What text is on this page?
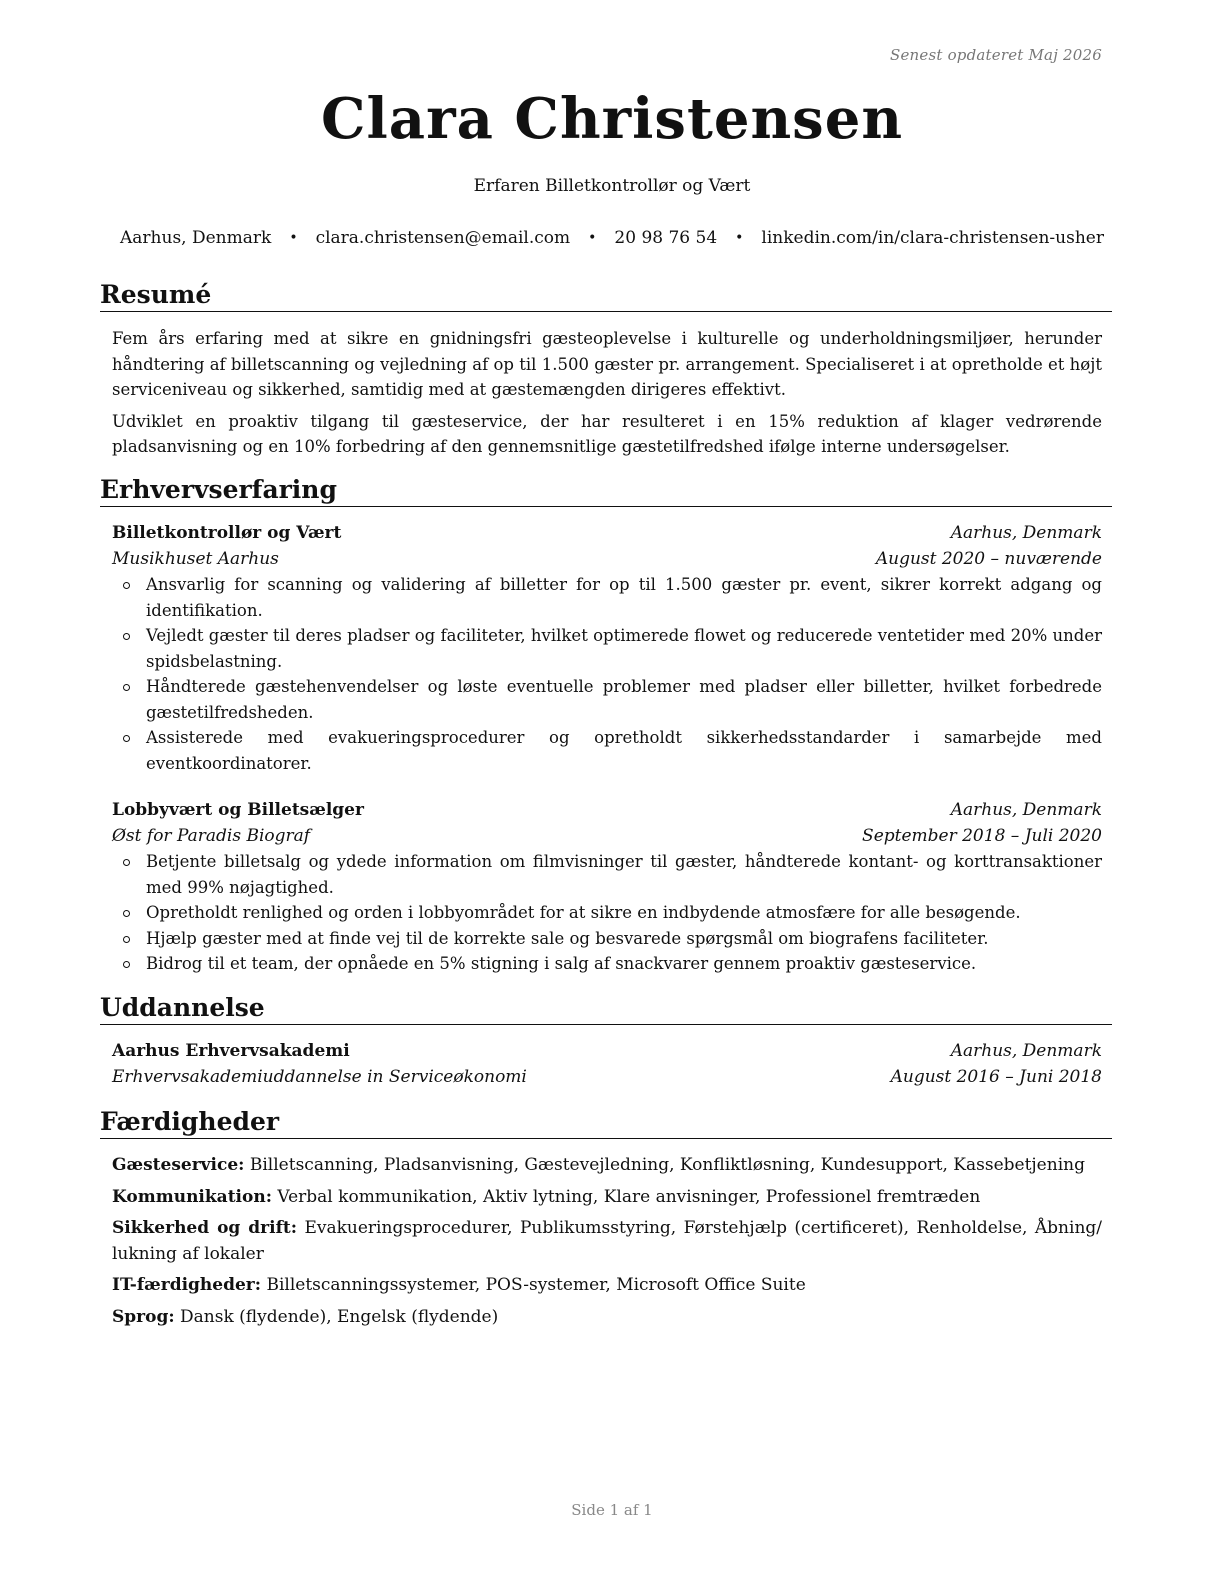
Senest opdateret Maj 2026
Clara Christensen
Erfaren Billetkontrollør og Vært
Aarhus, Denmark • clara.christensen@email.com • 20 98 76 54 • linkedin.com/in/clara-christensen-usher
Resumé

Fem års erfaring med at sikre en gnidningsfri gæsteoplevelse i kulturelle og underholdningsmiljøer, herunder håndtering af billetscanning og vejledning af op til 1.500 gæster pr. arrangement. Specialiseret i at opretholde et højt serviceniveau og sikkerhed, samtidig med at gæstemængden dirigeres effektivt.

Udviklet en proaktiv tilgang til gæsteservice, der har resulteret i en 15% reduktion af klager vedrørende pladsanvisning og en 10% forbedring af den gennemsnitlige gæstetilfredshed ifølge interne undersøgelser.

Erhvervserfaring
Billetkontrollør og Vært	Aarhus, Denmark
Musikhuset Aarhus	August 2020 – nuværende
Ansvarlig for scanning og validering af billetter for op til 1.500 gæster pr. event, sikrer korrekt adgang og identifikation.
Vejledt gæster til deres pladser og faciliteter, hvilket optimerede flowet og reducerede ventetider med 20% under spidsbelastning.
Håndterede gæstehenvendelser og løste eventuelle problemer med pladser eller billetter, hvilket forbedrede gæstetilfredsheden.
Assisterede med evakueringsprocedurer og opretholdt sikkerhedsstandarder i samarbejde med eventkoordinatorer.
Lobbyvært og Billetsælger	Aarhus, Denmark
Øst for Paradis Biograf	September 2018 – Juli 2020
Betjente billetsalg og ydede information om filmvisninger til gæster, håndterede kontant- og korttransaktioner med 99% nøjagtighed.
Opretholdt renlighed og orden i lobbyområdet for at sikre en indbydende atmosfære for alle besøgende.
Hjælp gæster med at finde vej til de korrekte sale og besvarede spørgsmål om biografens faciliteter.
Bidrog til et team, der opnåede en 5% stigning i salg af snackvarer gennem proaktiv gæsteservice.
Uddannelse
Aarhus Erhvervsakademi	Aarhus, Denmark
Erhvervsakademiuddannelse in Serviceøkonomi	August 2016 – Juni 2018
Færdigheder

Gæsteservice: Billetscanning, Pladsanvisning, Gæstevejledning, Konfliktløsning, Kundesupport, Kassebetjening

Kommunikation: Verbal kommunikation, Aktiv lytning, Klare anvisninger, Professionel fremtræden

Sikkerhed og drift: Evakueringsprocedurer, Publikumsstyring, Førstehjælp (certificeret), Renholdelse, Åbning/ lukning af lokaler

IT-færdigheder: Billetscanningssystemer, POS-systemer, Microsoft Office Suite

Sprog: Dansk (flydende), Engelsk (flydende)

Side 1 af 1
